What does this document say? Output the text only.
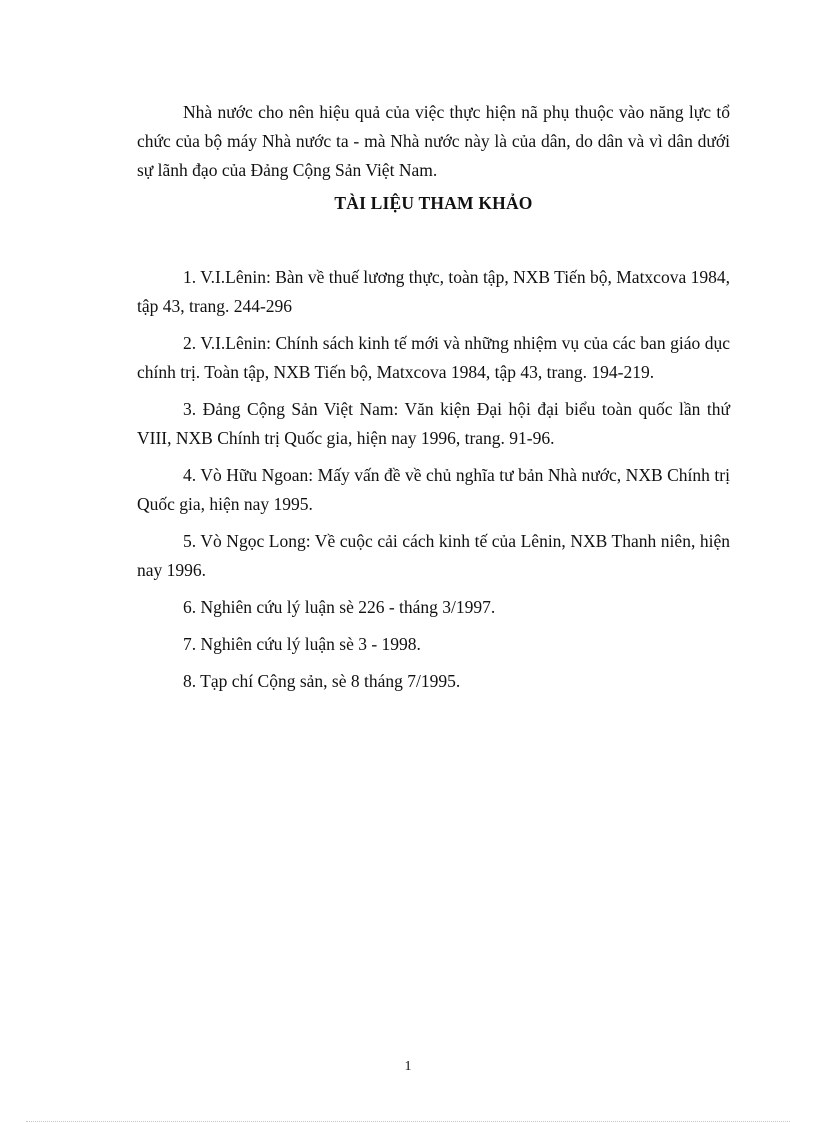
Nhà nước cho nên hiệu quả của việc thực hiện nã phụ thuộc vào năng lực tổ chức của bộ máy Nhà nước ta - mà Nhà nước này là của dân, do dân và vì dân dưới sự lãnh đạo của Đảng Cộng Sản Việt Nam.

TÀI LIỆU THAM KHẢO

1. V.I.Lênin: Bàn về thuế lương thực, toàn tập, NXB Tiến bộ, Matxcova 1984, tập 43, trang. 244-296

2. V.I.Lênin: Chính sách kinh tế mới và những nhiệm vụ của các ban giáo dục chính trị. Toàn tập, NXB Tiến bộ, Matxcova 1984, tập 43, trang. 194-219.

3. Đảng Cộng Sản Việt Nam: Văn kiện Đại hội đại biểu toàn quốc lần thứ VIII, NXB Chính trị Quốc gia, hiện nay 1996, trang. 91-96.

4. Vò Hữu Ngoan: Mấy vấn đề về chủ nghĩa tư bản Nhà nước, NXB Chính trị Quốc gia, hiện nay 1995.

5. Vò Ngọc Long: Về cuộc cải cách kinh tế của Lênin, NXB Thanh niên, hiện nay 1996.

6. Nghiên cứu lý luận sè 226 - tháng 3/1997.

7. Nghiên cứu lý luận sè 3 - 1998.

8. Tạp chí Cộng sản, sè 8 tháng 7/1995.

1
